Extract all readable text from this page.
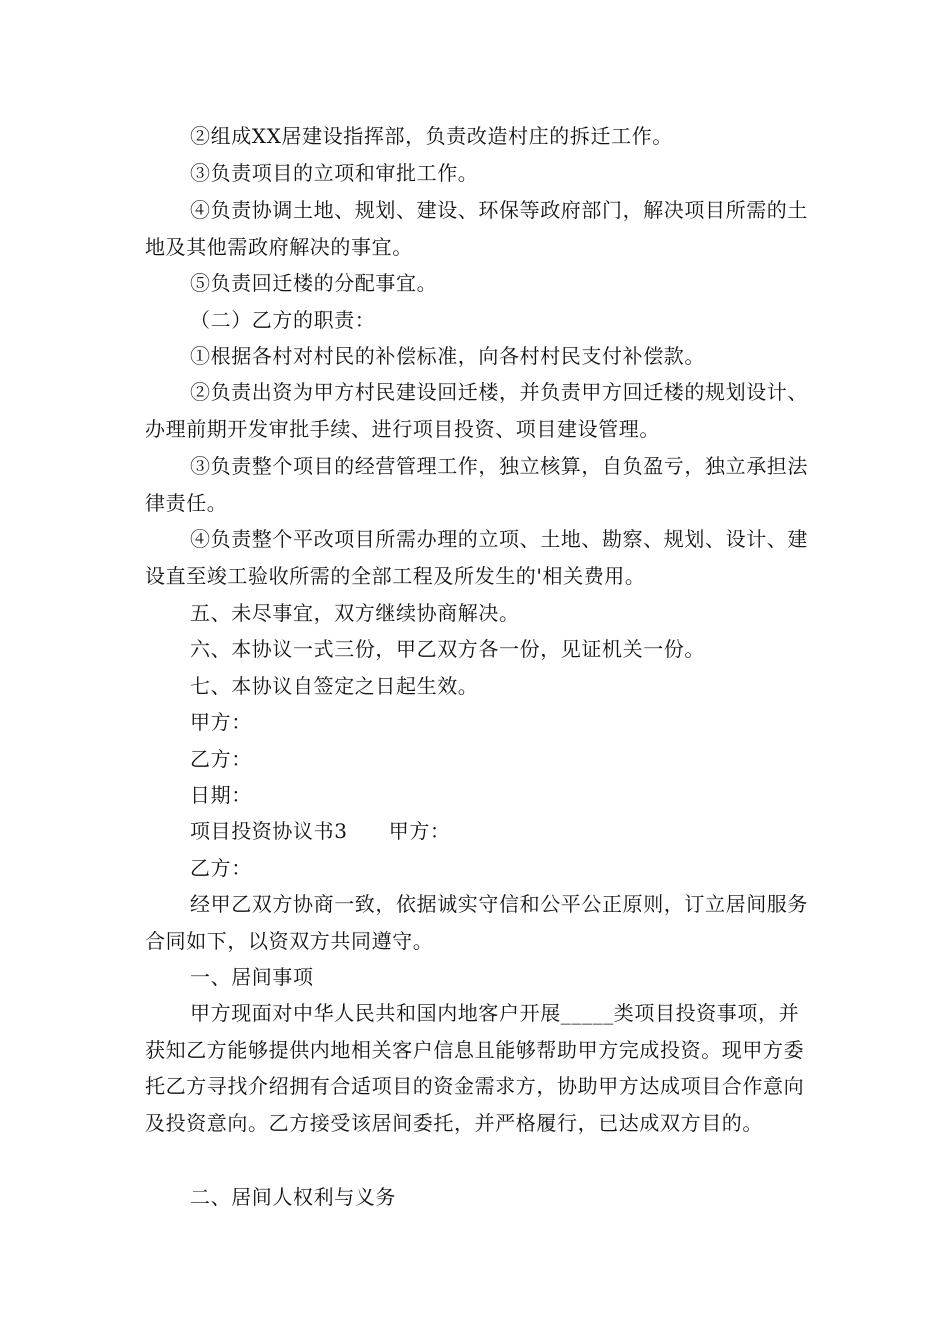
②组成XX居建设指挥部，负责改造村庄的拆迁工作。

③负责项目的立项和审批工作。

④负责协调土地、规划、建设、环保等政府部门，解决项目所需的土地及其他需政府解决的事宜。

⑤负责回迁楼的分配事宜。

（二）乙方的职责：

①根据各村对村民的补偿标准，向各村村民支付补偿款。

②负责出资为甲方村民建设回迁楼，并负责甲方回迁楼的规划设计、办理前期开发审批手续、进行项目投资、项目建设管理。

③负责整个项目的经营管理工作，独立核算，自负盈亏，独立承担法律责任。

④负责整个平改项目所需办理的立项、土地、勘察、规划、设计、建设直至竣工验收所需的全部工程及所发生的'相关费用。

五、未尽事宜，双方继续协商解决。

六、本协议一式三份，甲乙双方各一份，见证机关一份。

七、本协议自签定之日起生效。

甲方：

乙方：

日期：

项目投资协议书3　　甲方：

乙方：

经甲乙双方协商一致，依据诚实守信和公平公正原则，订立居间服务合同如下，以资双方共同遵守。

一、居间事项

甲方现面对中华人民共和国内地客户开展_____类项目投资事项，并获知乙方能够提供内地相关客户信息且能够帮助甲方完成投资。现甲方委托乙方寻找介绍拥有合适项目的资金需求方，协助甲方达成项目合作意向及投资意向。乙方接受该居间委托，并严格履行，已达成双方目的。

二、居间人权利与义务
